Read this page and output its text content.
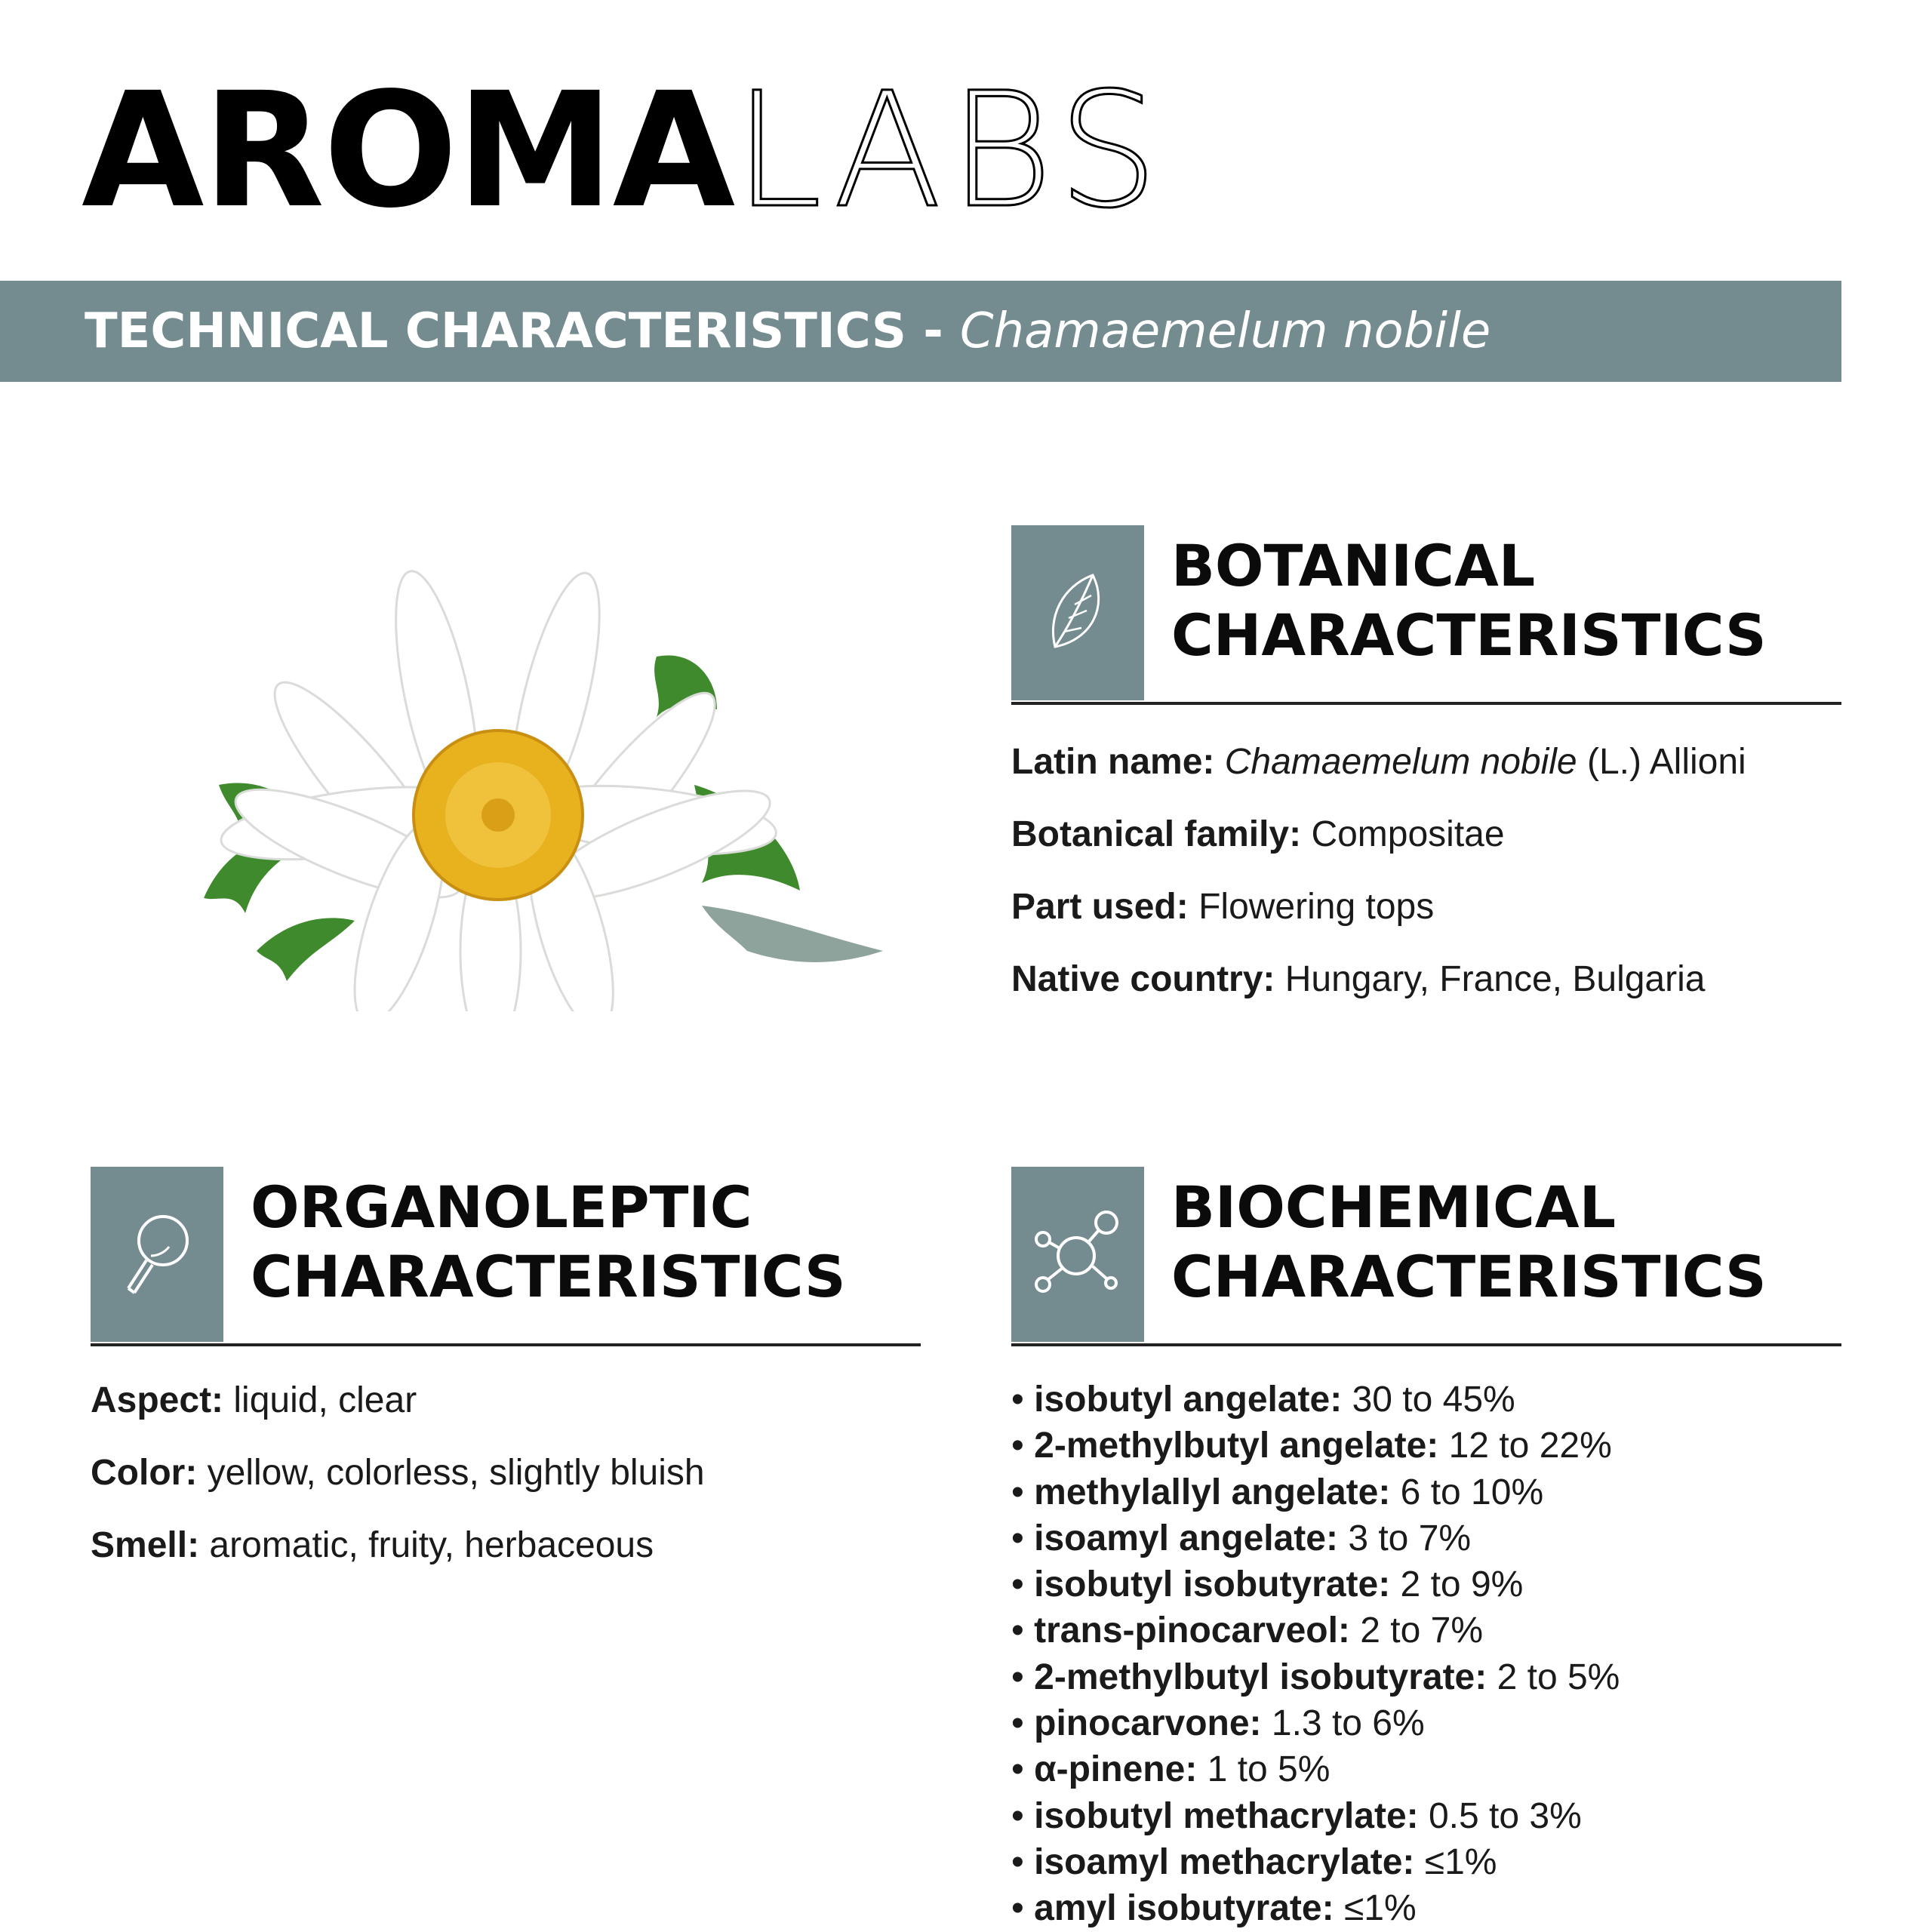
AROMALABS
TECHNICAL CHARACTERISTICS - Chamaemelum nobile
BOTANICAL
CHARACTERISTICS
Latin name: Chamaemelum nobile (L.) Allioni
Botanical family: Compositae
Part used: Flowering tops
Native country: Hungary, France, Bulgaria
ORGANOLEPTIC
CHARACTERISTICS
Aspect: liquid, clear
Color: yellow, colorless, slightly bluish
Smell: aromatic, fruity, herbaceous
BIOCHEMICAL
CHARACTERISTICS
• isobutyl angelate: 30 to 45%
• 2-methylbutyl angelate: 12 to 22%
• methylallyl angelate: 6 to 10%
• isoamyl angelate: 3 to 7%
• isobutyl isobutyrate: 2 to 9%
• trans-pinocarveol: 2 to 7%
• 2-methylbutyl isobutyrate: 2 to 5%
• pinocarvone: 1.3 to 6%
• α-pinene: 1 to 5%
• isobutyl methacrylate: 0.5 to 3%
• isoamyl methacrylate: ≤1%
• amyl isobutyrate: ≤1%
